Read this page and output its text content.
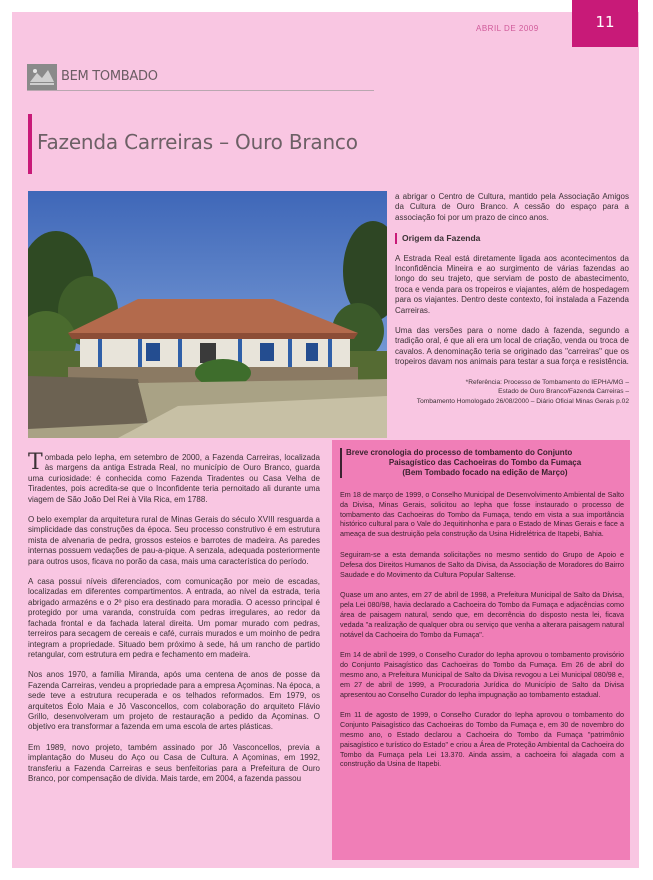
11
ABRIL DE 2009
BEM TOMBADO
Fazenda Carreiras – Ouro Branco

a abrigar o Centro de Cultura, mantido pela Associação Amigos da Cultura de Ouro Branco. A cessão do espaço para a associação foi por um prazo de cinco anos.

Origem da Fazenda

A Estrada Real está diretamente ligada aos acontecimentos da Inconfidência Mineira e ao surgimento de várias fazendas ao longo do seu trajeto, que serviam de posto de abastecimento, troca e venda para os tropeiros e viajantes, além de hospedagem para os viajantes. Dentro deste contexto, foi instalada a Fazenda Carreiras.

Uma das versões para o nome dado à fazenda, segundo a tradição oral, é que ali era um local de criação, venda ou troca de cavalos. A denominação teria se originado das "carreiras" que os tropeiros davam nos animais para testar a sua força e resistência.

*Referência: Processo de Tombamento do IEPHA/MG –
Estado de Ouro Branco/Fazenda Carreiras –
Tombamento Homologado 26/08/2000 – Diário Oficial Minas Gerais p.02

Tombada pelo Iepha, em setembro de 2000, a Fazenda Carreiras, localizada às margens da antiga Estrada Real, no município de Ouro Branco, guarda uma curiosidade: é conhecida como Fazenda Tiradentes ou Casa Velha de Tiradentes, pois acredita-se que o Inconfidente teria pernoitado ali durante uma viagem de São João Del Rei à Vila Rica, em 1788.

O belo exemplar da arquitetura rural de Minas Gerais do século XVIII resguarda a simplicidade das construções da época. Seu processo construtivo é em estrutura mista de alvenaria de pedra, grossos esteios e barrotes de madeira. As paredes internas possuem vedações de pau-a-pique. A senzala, adequada posteriormente para outros usos, ficava no porão da casa, mais uma característica do período.

A casa possui níveis diferenciados, com comunicação por meio de escadas, localizadas em diferentes compartimentos. A entrada, ao nível da estrada, teria abrigado armazéns e o 2º piso era destinado para moradia. O acesso principal é protegido por uma varanda, construída com pedras irregulares, ao redor da fachada frontal e da fachada lateral direita. Um pomar murado com pedras, terreiros para secagem de cereais e café, currais murados e um moinho de pedra integram a propriedade. Situado bem próximo à sede, há um rancho de partido retangular, com estrutura em pedra e fechamento em madeira.

Nos anos 1970, a família Miranda, após uma centena de anos de posse da Fazenda Carreiras, vendeu a propriedade para a empresa Açominas. Na época, a sede teve a estrutura recuperada e os telhados reformados. Em 1979, os arquitetos Éolo Maia e Jô Vasconcellos, com colaboração do arquiteto Flávio Grillo, desenvolveram um projeto de restauração a pedido da Açominas. O objetivo era transformar a fazenda em uma escola de artes plásticas.

Em 1989, novo projeto, também assinado por Jô Vasconcellos, previa a implantação do Museu do Aço ou Casa de Cultura. A Açominas, em 1992, transferiu a Fazenda Carreiras e seus benfeitorias para a Prefeitura de Ouro Branco, por compensação de dívida. Mais tarde, em 2004, a fazenda passou

Breve cronologia do processo de tombamento do Conjunto
Paisagístico das Cachoeiras do Tombo da Fumaça
(Bem Tombado focado na edição de Março)

Em 18 de março de 1999, o Conselho Municipal de Desenvolvimento Ambiental de Salto da Divisa, Minas Gerais, solicitou ao Iepha que fosse instaurado o processo de tombamento das Cachoeiras do Tombo da Fumaça, tendo em vista a sua importância histórico cultural para o Vale do Jequitinhonha e para o Estado de Minas Gerais e face a ameaça de sua destruição pela construção da Usina Hidrelétrica de Itapebi, Bahia.

Seguiram-se a esta demanda solicitações no mesmo sentido do Grupo de Apoio e Defesa dos Direitos Humanos de Salto da Divisa, da Associação de Moradores do Bairro Saudade e do Movimento da Cultura Popular Saltense.

Quase um ano antes, em 27 de abril de 1998, a Prefeitura Municipal de Salto da Divisa, pela Lei 080/98, havia declarado a Cachoeira do Tombo da Fumaça e adjacências como área de paisagem natural, sendo que, em decorrência do disposto nesta lei, ficava vedada "a realização de qualquer obra ou serviço que venha a alterara paisagem natural notável da Cachoeira do Tombo da Fumaça".

Em 14 de abril de 1999, o Conselho Curador do Iepha aprovou o tombamento provisório do Conjunto Paisagístico das Cachoeiras do Tombo da Fumaça. Em 26 de abril do mesmo ano, a Prefeitura Municipal de Salto da Divisa revogou a Lei Municipal 080/98 e, em 27 de abril de 1999, a Procuradoria Jurídica do Município de Salto da Divisa apresentou ao Conselho Curador do Iepha impugnação ao tombamento estadual.

Em 11 de agosto de 1999, o Conselho Curador do Iepha aprovou o tombamento do Conjunto Paisagístico das Cachoeiras do Tombo da Fumaça e, em 30 de novembro do mesmo ano, o Estado declarou a Cachoeira do Tombo da Fumaça "patrimônio paisagístico e turístico do Estado" e criou a Área de Proteção Ambiental da Cachoeira do Tombo da Fumaça pela Lei 13.370. Ainda assim, a cachoeira foi alagada com a construção da Usina de Itapebi.
